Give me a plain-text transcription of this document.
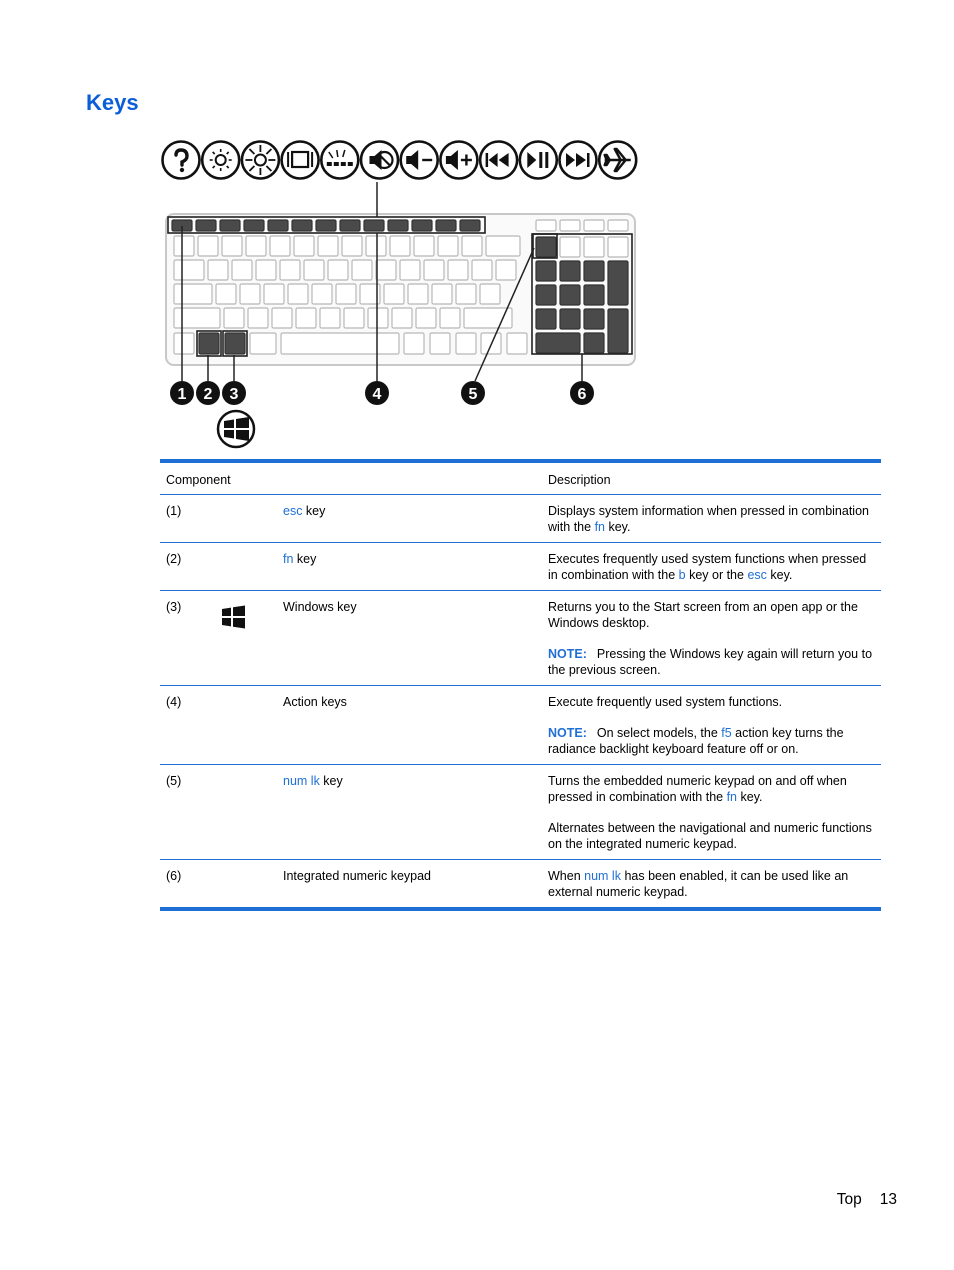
Keys
1 2 3	4	5	6
Component			Description
(1)		esc key	Displays system information when pressed in combination with the fn key.

(2)		fn key	Executes frequently used system functions when pressed in combination with the b key or the esc key.

(3)		Windows key	Returns you to the Start screen from an open app or the Windows desktop.

NOTE: Pressing the Windows key again will return you to the previous screen.

(4)		Action keys	Execute frequently used system functions.

NOTE: On select models, the f5 action key turns the radiance backlight keyboard feature off or on.

(5)		num lk key	Turns the embedded numeric keypad on and off when pressed in combination with the fn key.

Alternates between the navigational and numeric functions on the integrated numeric keypad.

(6)		Integrated numeric keypad	When num lk has been enabled, it can be used like an external numeric keypad.

Top 13
